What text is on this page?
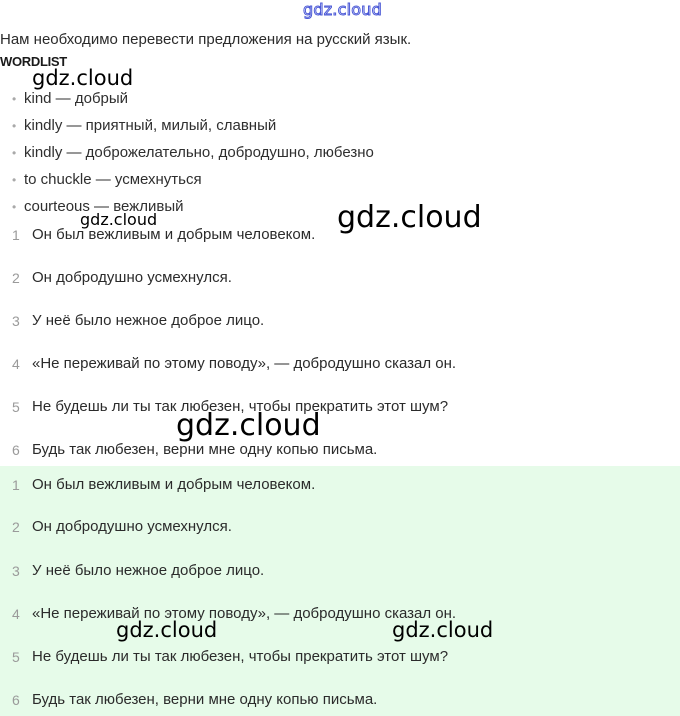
gdz.cloud
Нам необходимо перевести предложения на русский язык.
WORDLIST
• kind — добрый
• kindly — приятный, милый, славный
• kindly — доброжелательно, добродушно, любезно
• to chuckle — усмехнуться
• courteous — вежливый
1 Он был вежливым и добрым человеком.
2 Он добродушно усмехнулся.
3 У неё было нежное доброе лицо.
4 «Не переживай по этому поводу», — добродушно сказал он.
5 Не будешь ли ты так любезен, чтобы прекратить этот шум?
6 Будь так любезен, верни мне одну копью письма.
1 Он был вежливым и добрым человеком.
2 Он добродушно усмехнулся.
3 У неё было нежное доброе лицо.
4 «Не переживай по этому поводу», — добродушно сказал он.
5 Не будешь ли ты так любезен, чтобы прекратить этот шум?
6 Будь так любезен, верни мне одну копью письма.
gdz.cloud
gdz.cloud	gdz.cloud
gdz.cloud
gdz.cloud	gdz.cloud
